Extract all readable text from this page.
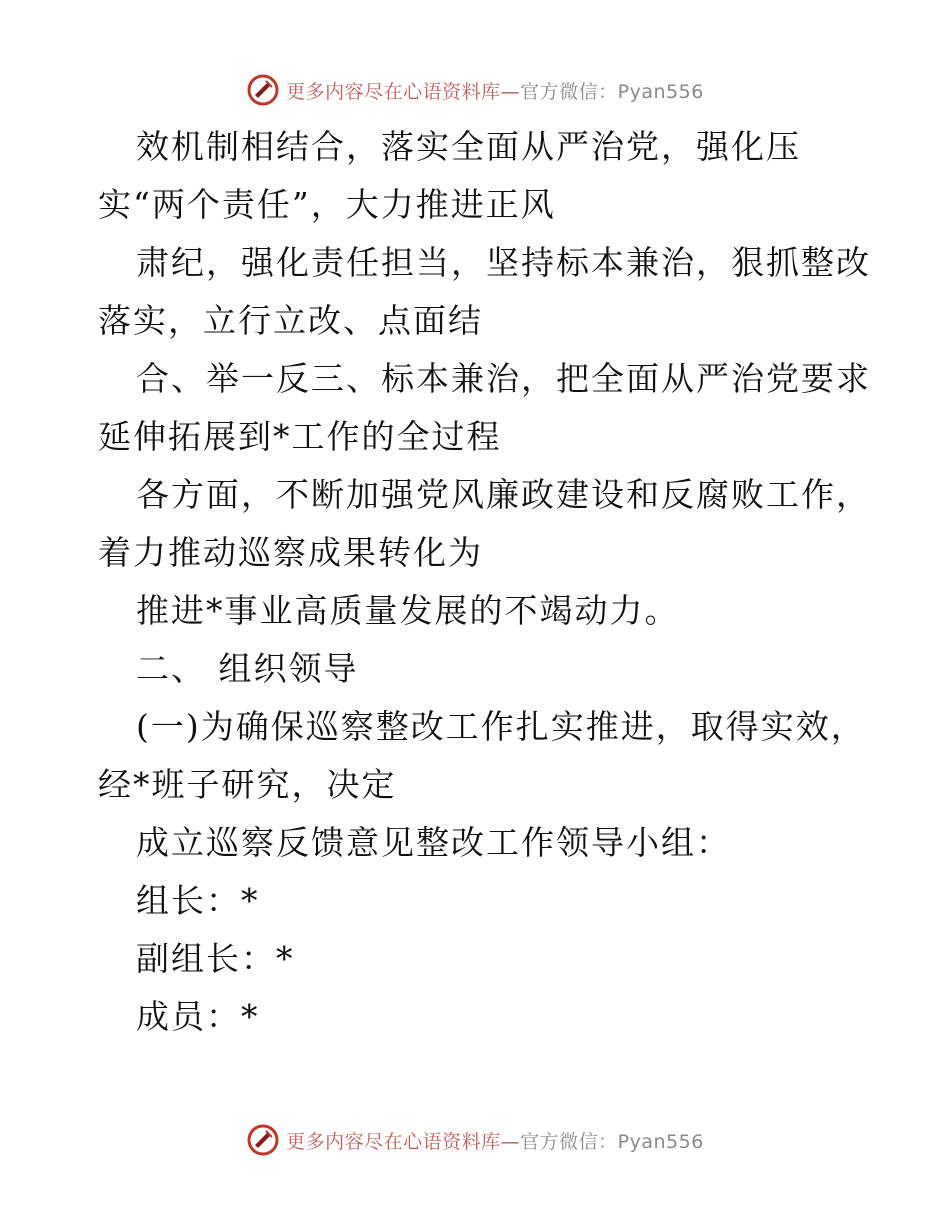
更多内容尽在心语资料库—官方微信：Pyan556
效机制相结合，落实全面从严治党，强化压
实“两个责任”，大力推进正风
肃纪，强化责任担当，坚持标本兼治，狠抓整改
落实，立行立改、点面结
合、举一反三、标本兼治，把全面从严治党要求
延伸拓展到*工作的全过程
各方面，不断加强党风廉政建设和反腐败工作，
着力推动巡察成果转化为
推进*事业高质量发展的不竭动力。
二、 组织领导
(一)为确保巡察整改工作扎实推进，取得实效，
经*班子研究，决定
成立巡察反馈意见整改工作领导小组：
组长：*
副组长：*
成员：*
更多内容尽在心语资料库—官方微信：Pyan556
